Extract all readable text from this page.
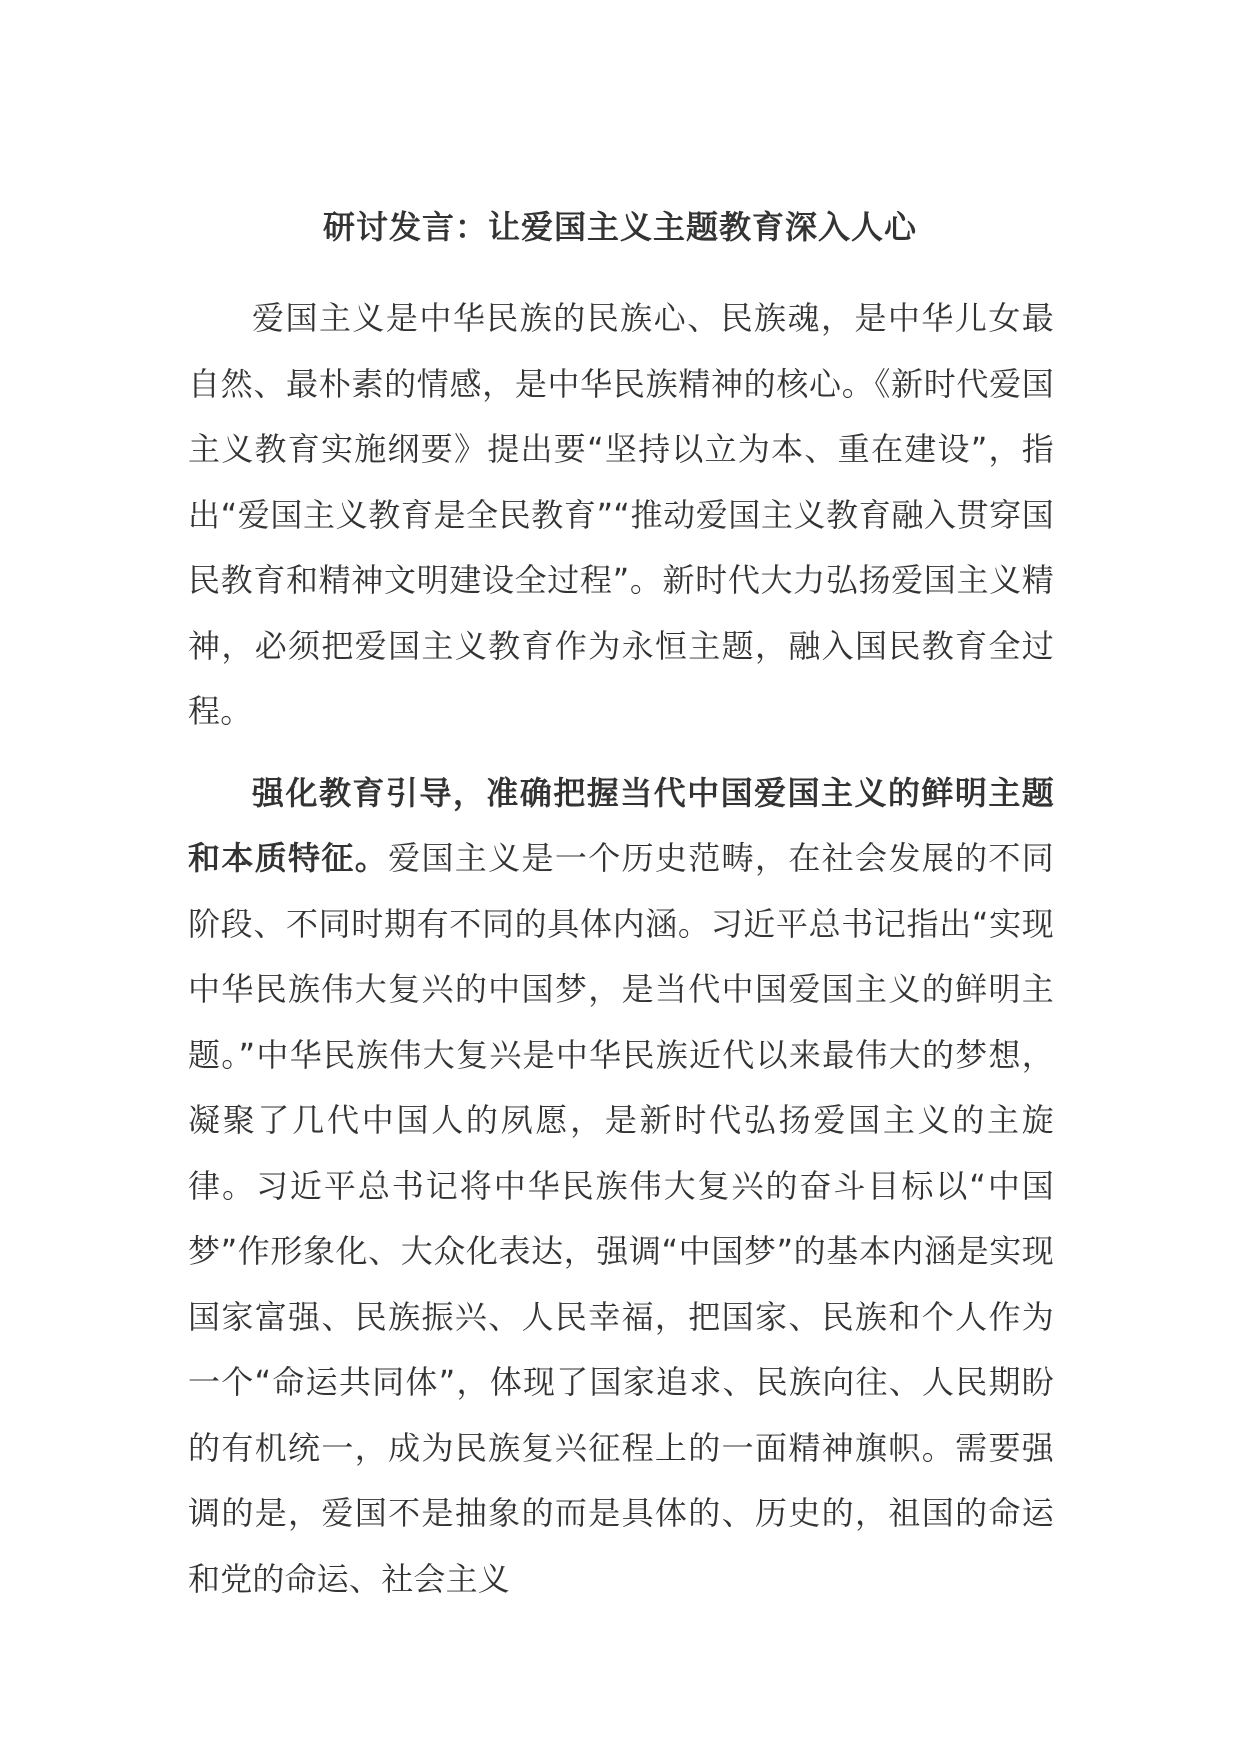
研讨发言：让爱国主义主题教育深入人心

爱国主义是中华民族的民族心、民族魂，是中华儿女最自然、最朴素的情感，是中华民族精神的核心。《新时代爱国主义教育实施纲要》提出要“坚持以立为本、重在建设”，指出“爱国主义教育是全民教育”“推动爱国主义教育融入贯穿国民教育和精神文明建设全过程”。新时代大力弘扬爱国主义精神，必须把爱国主义教育作为永恒主题，融入国民教育全过程。

强化教育引导，准确把握当代中国爱国主义的鲜明主题和本质特征。爱国主义是一个历史范畴，在社会发展的不同阶段、不同时期有不同的具体内涵。习近平总书记指出“实现中华民族伟大复兴的中国梦，是当代中国爱国主义的鲜明主题。”中华民族伟大复兴是中华民族近代以来最伟大的梦想，凝聚了几代中国人的夙愿，是新时代弘扬爱国主义的主旋律。习近平总书记将中华民族伟大复兴的奋斗目标以“中国梦”作形象化、大众化表达，强调“中国梦”的基本内涵是实现国家富强、民族振兴、人民幸福，把国家、民族和个人作为一个“命运共同体”，体现了国家追求、民族向往、人民期盼的有机统一，成为民族复兴征程上的一面精神旗帜。需要强调的是，爱国不是抽象的而是具体的、历史的，祖国的命运和党的命运、社会主义
